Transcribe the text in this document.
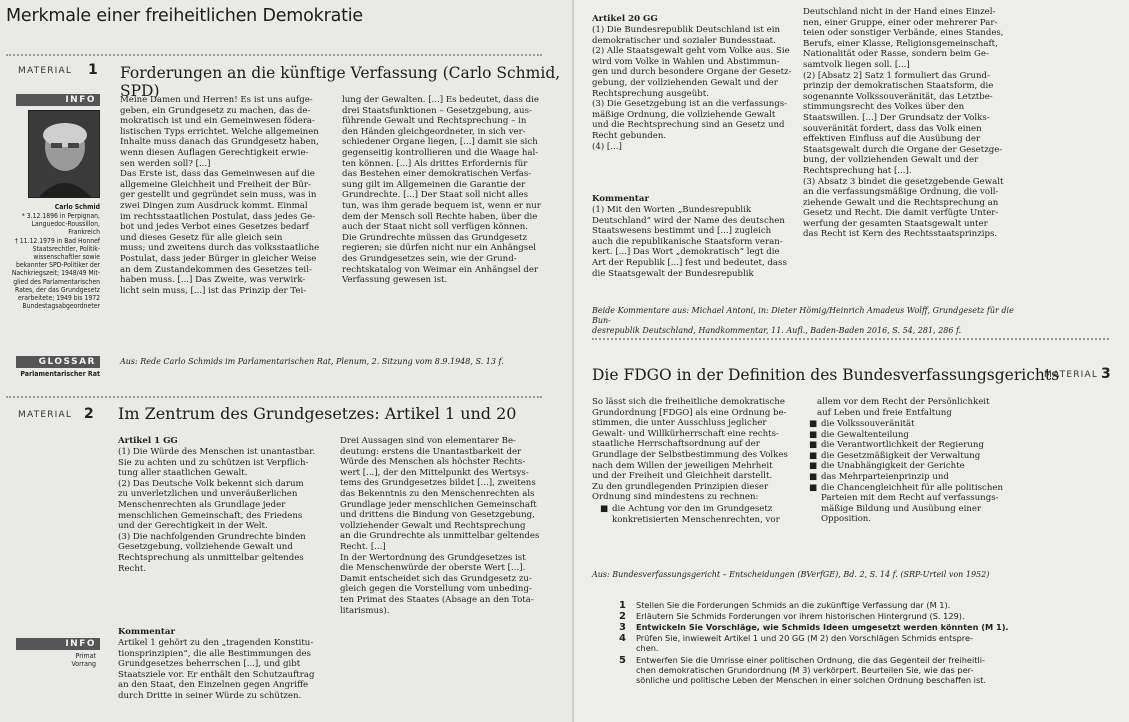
Merkmale einer freiheitlichen Demokratie
MATERIAL 1 Forderungen an die künftige Verfassung (Carlo Schmid, SPD)
INFO
Carlo Schmid
* 3.12.1896 in Perpignan,
Languedoc-Roussillon,
Frankreich
† 11.12.1979 in Bad Honnef
Staatsrechtler, Politik-
wissenschaftler sowie
bekannter SPD-Politiker der
Nachkriegszeit; 1948/49 Mit-
glied des Parlamentarischen
Rates, der das Grundgesetz
erarbeitete; 1949 bis 1972
Bundestagsabgeordneter
Meine Damen und Herren! Es ist uns aufge-
geben, ein Grundgesetz zu machen, das de-
mokratisch ist und ein Gemeinwesen födera-
listischen Typs errichtet. Welche allgemeinen
Inhalte muss danach das Grundgesetz haben,
wenn diesen Auflagen Gerechtigkeit erwie-
sen werden soll? [...]
Das Erste ist, dass das Gemeinwesen auf die
allgemeine Gleichheit und Freiheit der Bür-
ger gestellt und gegründet sein muss, was in
zwei Dingen zum Ausdruck kommt. Einmal
im rechtsstaatlichen Postulat, dass jedes Ge-
bot und jedes Verbot eines Gesetzes bedarf
und dieses Gesetz für alle gleich sein
muss; und zweitens durch das volksstaatliche
Postulat, dass jeder Bürger in gleicher Weise
an dem Zustandekommen des Gesetzes teil-
haben muss. [...] Das Zweite, was verwirk-
licht sein muss, [...] ist das Prinzip der Tei-
lung der Gewalten. [...] Es bedeutet, dass die
drei Staatsfunktionen – Gesetzgebung, aus-
führende Gewalt und Rechtsprechung – in
den Händen gleichgeordneter, in sich ver-
schiedener Organe liegen, [...] damit sie sich
gegenseitig kontrollieren und die Waage hal-
ten können. [...] Als drittes Erfordernis für
das Bestehen einer demokratischen Verfas-
sung gilt im Allgemeinen die Garantie der
Grundrechte. [...] Der Staat soll nicht alles
tun, was ihm gerade bequem ist, wenn er nur
dem der Mensch soll Rechte haben, über die
auch der Staat nicht soll verfügen können.
Die Grundrechte müssen das Grundgesetz
regieren; sie dürfen nicht nur ein Anhängsel
des Grundgesetzes sein, wie der Grund-
rechtskatalog von Weimar ein Anhängsel der
Verfassung gewesen ist.
GLOSSAR
Parlamentarischer Rat
Aus: Rede Carlo Schmids im Parlamentarischen Rat, Plenum, 2. Sitzung vom 8.9.1948, S. 13 f.
MATERIAL 2 Im Zentrum des Grundgesetzes: Artikel 1 und 20
Artikel 1 GG
(1) Die Würde des Menschen ist unantastbar.
Sie zu achten und zu schützen ist Verpflich-
tung aller staatlichen Gewalt.
(2) Das Deutsche Volk bekennt sich darum
zu unverletzlichen und unveräußerlichen
Menschenrechten als Grundlage jeder
menschlichen Gemeinschaft, des Friedens
und der Gerechtigkeit in der Welt.
(3) Die nachfolgenden Grundrechte binden
Gesetzgebung, vollziehende Gewalt und
Rechtsprechung als unmittelbar geltendes
Recht.
Kommentar
Artikel 1 gehört zu den „tragenden Konstitu-
tionsprinzipien“, die alle Bestimmungen des
Grundgesetzes beherrschen [...], und gibt
Staatsziele vor. Er enthält den Schutzauftrag
an den Staat, den Einzelnen gegen Angriffe
durch Dritte in seiner Würde zu schützen.
Drei Aussagen sind von elementarer Be-
deutung: erstens die Unantastbarkeit der
Würde des Menschen als höchster Rechts-
wert [...], der den Mittelpunkt des Wertsys-
tems des Grundgesetzes bildet [...], zweitens
das Bekenntnis zu den Menschenrechten als
Grundlage jeder menschlichen Gemeinschaft
und drittens die Bindung von Gesetzgebung,
vollziehender Gewalt und Rechtsprechung
an die Grundrechte als unmittelbar geltendes
Recht. [...]
In der Wertordnung des Grundgesetzes ist
die Menschenwürde der oberste Wert [...].
Damit entscheidet sich das Grundgesetz zu-
gleich gegen die Vorstellung vom unbeding-
ten Primat des Staates (Absage an den Tota-
litarismus).
INFO
Primat
Vorrang
Artikel 20 GG
(1) Die Bundesrepublik Deutschland ist ein
demokratischer und sozialer Bundesstaat.
(2) Alle Staatsgewalt geht vom Volke aus. Sie
wird vom Volke in Wahlen und Abstimmun-
gen und durch besondere Organe der Gesetz-
gebung, der vollziehenden Gewalt und der
Rechtsprechung ausgeübt.
(3) Die Gesetzgebung ist an die verfassungs-
mäßige Ordnung, die vollziehende Gewalt
und die Rechtsprechung sind an Gesetz und
Recht gebunden.
(4) [...]
Kommentar
(1) Mit den Worten „Bundesrepublik
Deutschland“ wird der Name des deutschen
Staatswesens bestimmt und [...] zugleich
auch die republikanische Staatsform veran-
kert. [...] Das Wort „demokratisch“ legt die
Art der Republik [...] fest und bedeutet, dass
die Staatsgewalt der Bundesrepublik
Deutschland nicht in der Hand eines Einzel-
nen, einer Gruppe, einer oder mehrerer Par-
teien oder sonstiger Verbände, eines Standes,
Berufs, einer Klasse, Religionsgemeinschaft,
Nationalität oder Rasse, sondern beim Ge-
samtvolk liegen soll. [...]
(2) [Absatz 2] Satz 1 formuliert das Grund-
prinzip der demokratischen Staatsform, die
sogenannte Volkssouveränität, das Letztbe-
stimmungsrecht des Volkes über den
Staatswillen. [...] Der Grundsatz der Volks-
souveränität fordert, dass das Volk einen
effektiven Einfluss auf die Ausübung der
Staatsgewalt durch die Organe der Gesetzge-
bung, der vollziehenden Gewalt und der
Rechtsprechung hat [...].
(3) Absatz 3 bindet die gesetzgebende Gewalt
an die verfassungsmäßige Ordnung, die voll-
ziehende Gewalt und die Rechtsprechung an
Gesetz und Recht. Die damit verfügte Unter-
werfung der gesamten Staatsgewalt unter
das Recht ist Kern des Rechtsstaatsprinzips.
Beide Kommentare aus: Michael Antoni, in: Dieter Hömig/Heinrich Amadeus Wolff, Grundgesetz für die Bun-
desrepublik Deutschland, Handkommentar, 11. Aufl., Baden-Baden 2016, S. 54, 281, 286 f.
Die FDGO in der Definition des Bundesverfassungsgerichts
MATERIAL 3
So lässt sich die freiheitliche demokratische
Grundordnung [FDGO] als eine Ordnung be-
stimmen, die unter Ausschluss jeglicher
Gewalt- und Willkürherrschaft eine rechts-
staatliche Herrschaftsordnung auf der
Grundlage der Selbstbestimmung des Volkes
nach dem Willen der jeweiligen Mehrheit
und der Freiheit und Gleichheit darstellt.
Zu den grundlegenden Prinzipien dieser
Ordnung sind mindestens zu rechnen:
■ die Achtung vor den im Grundgesetz
konkretisierten Menschenrechten, vor
allem vor dem Recht der Persönlichkeit
auf Leben und freie Entfaltung
■ die Volkssouveränität
■ die Gewaltenteilung
■ die Verantwortlichkeit der Regierung
■ die Gesetzmäßigkeit der Verwaltung
■ die Unabhängigkeit der Gerichte
■ das Mehrparteienprinzip und
■ die Chancengleichheit für alle politischen
Parteien mit dem Recht auf verfassungs-
mäßige Bildung und Ausübung einer
Opposition.
Aus: Bundesverfassungsgericht – Entscheidungen (BVerfGE), Bd. 2, S. 14 f. (SRP-Urteil von 1952)
1 Stellen Sie die Forderungen Schmids an die zukünftige Verfassung dar (M 1).
2 Erläutern Sie Schmids Forderungen vor ihrem historischen Hintergrund (S. 129).
3 Entwickeln Sie Vorschläge, wie Schmids Ideen umgesetzt werden könnten (M 1).
4 Prüfen Sie, inwieweit Artikel 1 und 20 GG (M 2) den Vorschlägen Schmids entspre-
chen.
5 Entwerfen Sie die Umrisse einer politischen Ordnung, die das Gegenteil der freiheitli-
chen demokratischen Grundordnung (M 3) verkörpert. Beurteilen Sie, wie das per-
sönliche und politische Leben der Menschen in einer solchen Ordnung beschaffen ist.
